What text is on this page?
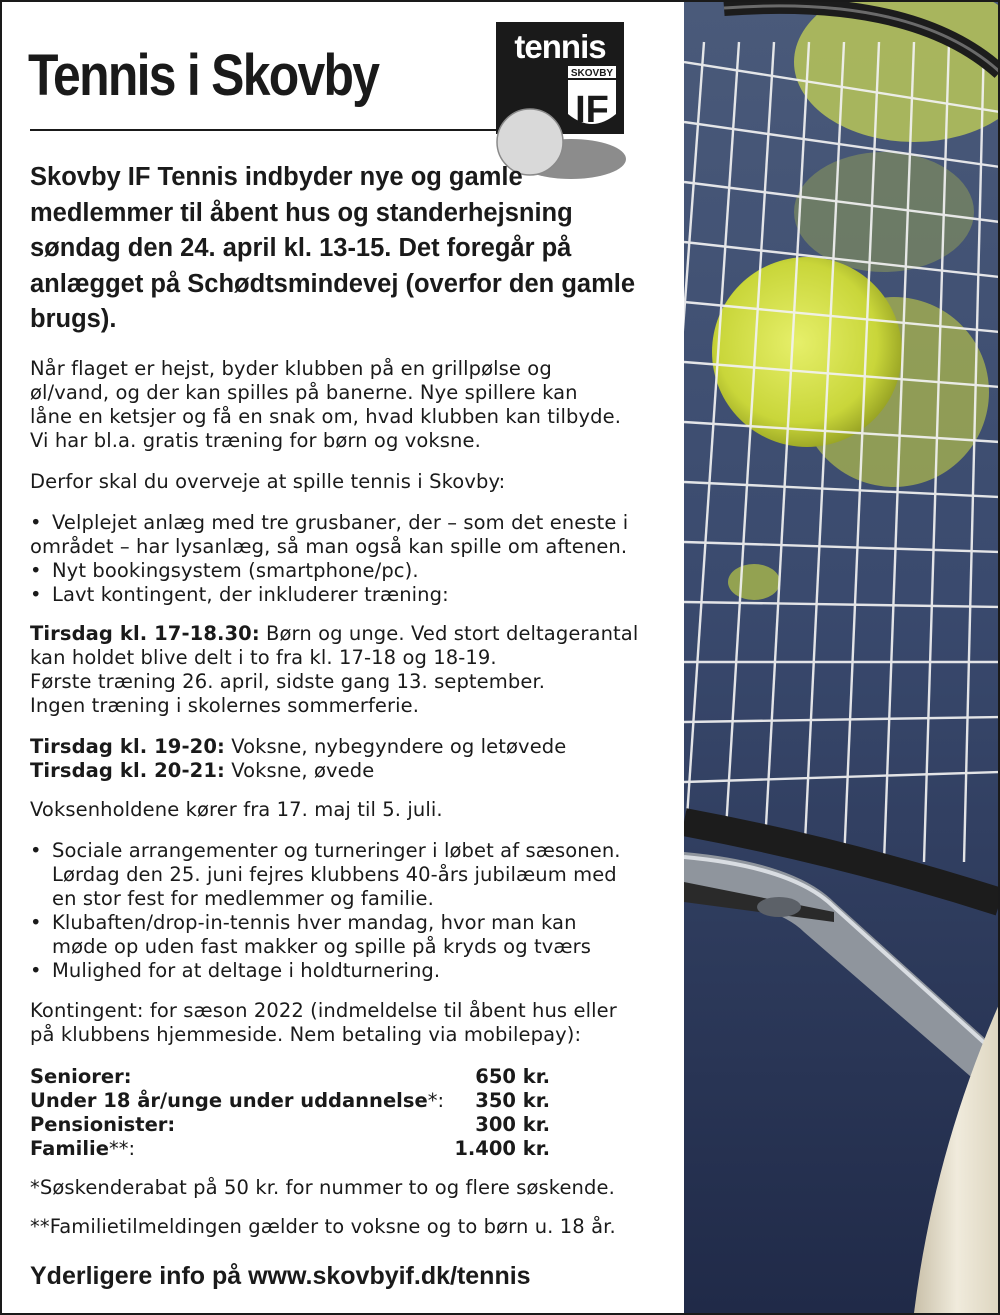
Tennis i Skovby	tennis
SKOVBY
IF

Skovby IF Tennis indbyder nye og gamle medlemmer til åbent hus og standerhejsning søndag den 24. april kl. 13-15. Det foregår på anlægget på Schødtsmindevej (overfor den gamle brugs).

Når flaget er hejst, byder klubben på en grillpølse og

øl/vand, og der kan spilles på banerne. Nye spillere kan

låne en ketsjer og få en snak om, hvad klubben kan tilbyde.

Vi har bl.a. gratis træning for børn og voksne.

Derfor skal du overveje at spille tennis i Skovby:

• Velplejet anlæg med tre grusbaner, der – som det eneste i

området – har lysanlæg, så man også kan spille om aftenen.

• Nyt bookingsystem (smartphone/pc).

• Lavt kontingent, der inkluderer træning:

Tirsdag kl. 17-18.30: Børn og unge. Ved stort deltagerantal

kan holdet blive delt i to fra kl. 17-18 og 18-19.

Første træning 26. april, sidste gang 13. september.

Ingen træning i skolernes sommerferie.

Tirsdag kl. 19-20: Voksne, nybegyndere og letøvede

Tirsdag kl. 20-21: Voksne, øvede

Voksenholdene kører fra 17. maj til 5. juli.

• Sociale arrangementer og turneringer i løbet af sæsonen.

Lørdag den 25. juni fejres klubbens 40-års jubilæum med

en stor fest for medlemmer og familie.

• Klubaften/drop-in-tennis hver mandag, hvor man kan

møde op uden fast makker og spille på kryds og tværs

• Mulighed for at deltage i holdturnering.

Kontingent: for sæson 2022 (indmeldelse til åbent hus eller

på klubbens hjemmeside. Nem betaling via mobilepay):

Seniorer:	650 kr.
Under 18 år/unge under uddannelse*: 350 kr.
Pensionister:	300 kr.
Familie**:	1.400 kr.

*Søskenderabat på 50 kr. for nummer to og flere søskende.

**Familietilmeldingen gælder to voksne og to børn u. 18 år.

Yderligere info på www.skovbyif.dk/tennis
